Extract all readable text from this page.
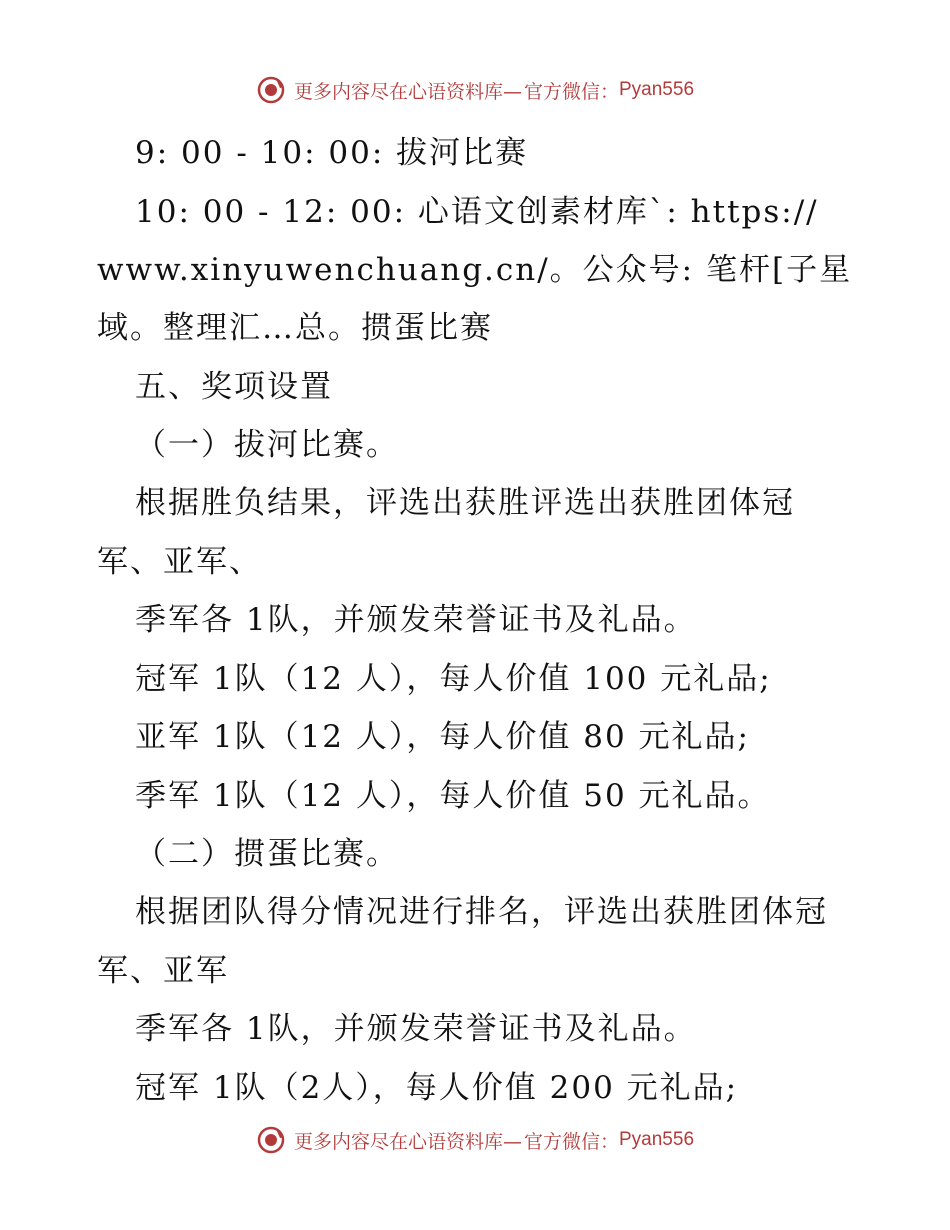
更多内容尽在心语资料库— 官方微信： Pyan556
9: 00 - 10: 00: 拔河比赛
10: 00 - 12: 00: 心语文创素材库`: https://
www.xinyuwenchuang.cn/。公众号: 笔杆[子星
域。整理汇…总。掼蛋比赛
五、奖项设置
（一）拔河比赛。
根据胜负结果，评选出获胜评选出获胜团体冠
军、亚军、
季军各 1队，并颁发荣誉证书及礼品。
冠军 1队（12 人），每人价值 100 元礼品;
亚军 1队（12 人），每人价值 80 元礼品;
季军 1队（12 人），每人价值 50 元礼品。
（二）掼蛋比赛。
根据团队得分情况进行排名，评选出获胜团体冠
军、亚军
季军各 1队，并颁发荣誉证书及礼品。
冠军 1队（2人），每人价值 200 元礼品;
更多内容尽在心语资料库— 官方微信： Pyan556
